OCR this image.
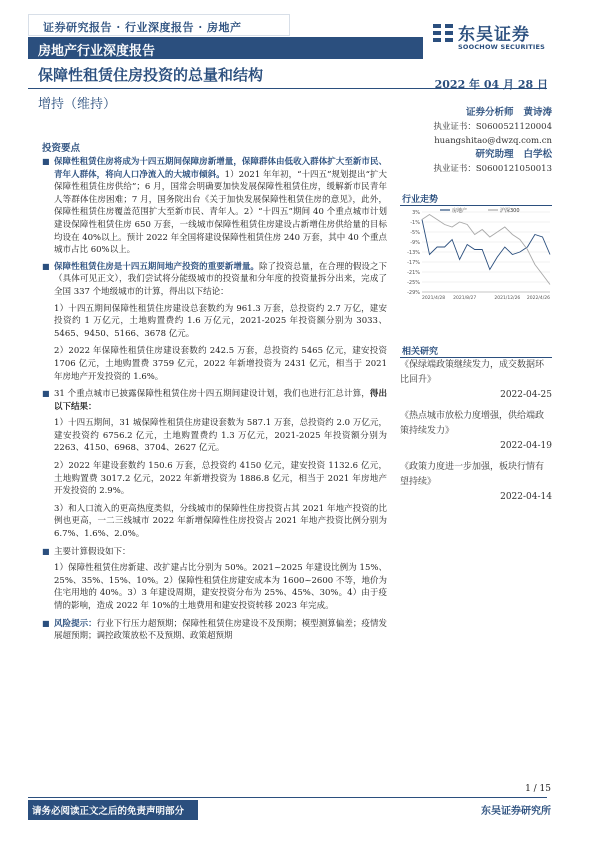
证券研究报告 · 行业深度报告 · 房地产
房地产行业深度报告
东吴证券
SOOCHOW SECURITIES
保障性租赁住房投资的总量和结构
2022 年 04 月 28 日
增持（维持）
证券分析师 黄诗涛
执业证书：S0600521120004
huangshitao@dwzq.com.cn
研究助理 白学松
执业证书：S0600121050013
投资要点
■ 保障性租赁住房将成为十四五期间保障房新增量，保障群体由低收入群体扩大至新市民、青年人群体，将向人口净流入的大城市倾斜。1）2021 年年初，“十四五”规划提出“扩大保障性租赁住房供给”；6 月，国常会明确要加快发展保障性租赁住房，缓解新市民青年人等群体住房困难；7 月，国务院出台《关于加快发展保障性租赁住房的意见》，此外，保障性租赁住房覆盖范围扩大至新市民、青年人。2）“十四五”期间 40 个重点城市计划建设保障性租赁住房 650 万套，一线城市保障性租赁住房建设占新增住房供给量的目标均设在 40%以上。预计 2022 年全国将建设保障性租赁住房 240 万套，其中 40 个重点城市占比 60%以上。
■ 保障性租赁住房是十四五期间地产投资的重要新增量。除了投资总量，在合理的假设之下（具体可见正文），我们尝试将分能级城市的投资量和分年度的投资量拆分出来，完成了全国 337 个地级城市的计算，得出以下结论：
1）十四五期间保障性租赁住房建设总套数约为 961.3 万套，总投资约 2.7 万亿，建安投资约 1 万亿元，土地购置费约 1.6 万亿元，2021-2025 年投资额分别为 3033、5465、9450、5166、3678 亿元。
2）2022 年保障性租赁住房建设套数约 242.5 万套，总投资约 5465 亿元，建安投资 1706 亿元，土地购置费 3759 亿元，2022 年新增投资为 2431 亿元，相当于 2021 年房地产开发投资的 1.6%。
■ 31 个重点城市已披露保障性租赁住房十四五期间建设计划，我们也进行汇总计算，得出以下结果：
1）十四五期间，31 城保障性租赁住房建设套数为 587.1 万套，总投资约 2.0 万亿元，建安投资约 6756.2 亿元，土地购置费约 1.3 万亿元，2021-2025 年投资额分别为 2263、4150、6968、3704、2627 亿元。
2）2022 年建设套数约 150.6 万套，总投资约 4150 亿元，建安投资 1132.6 亿元，土地购置费 3017.2 亿元，2022 年新增投资为 1886.8 亿元，相当于 2021 年房地产开发投资的 2.9%。
3）和人口流入的更高热度类似，分线城市的保障性住房投资占其 2021 年地产投资的比例也更高，一二三线城市 2022 年新增保障性住房投资占 2021 年地产投资比例分别为 6.7%、1.6%、2.0%。
■ 主要计算假设如下：
1）保障性租赁住房新建、改扩建占比分别为 50%。2021~2025 年建设比例为 15%、25%、35%、15%、10%。2）保障性租赁住房建安成本为 1600~2600 不等，地价为住宅用地的 40%。3）3 年建设周期，建安投资分布为 25%、45%、30%。4）由于疫情的影响，造成 2022 年 10%的土地费用和建安投资转移 2023 年完成。
■ 风险提示：行业下行压力超预期；保障性租赁住房建设不及预期；模型测算偏差；疫情发展超预期；调控政策放松不及预期、政策超预期
行业走势
3%
-1%
-5%
-9%
-13%
-17%
-21%
-25%
-29%
2021/4/28 2021/8/27	2021/12/26 2022/4/26
房地产	沪深300
相关研究
《保绿端政策继续发力，成交数据环比回升》
2022-04-25
《热点城市放松力度增强，供给端政策持续发力》
2022-04-19
《政策力度进一步加强，板块行情有望持续》
2022-04-14
1 / 15
请务必阅读正文之后的免责声明部分	东吴证券研究所
